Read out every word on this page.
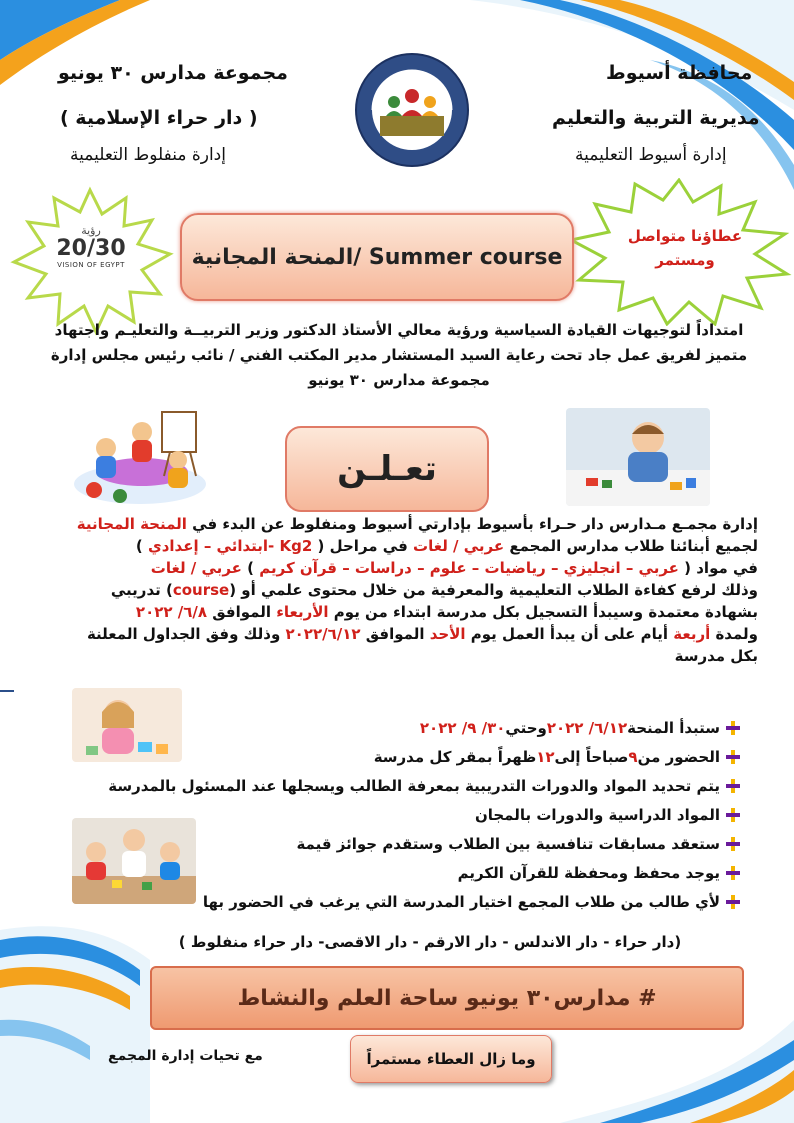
محافظة أسيوط
مديرية التربية والتعليم
إدارة أسيوط التعليمية
مجموعة مدارس ٣٠ يونيو
( دار حراء الإسلامية )
إدارة منفلوط التعليمية
رؤية
20/30
VISION OF EGYPT
عطاؤنا متواصل
ومستمر
المنحة المجانية/ Summer course
امتداداً لتوجيهات القيادة السياسية ورؤية معالي الأستاذ الدكتور وزير التربيــة والتعليـم واجتهاد متميز لفريق عمل جاد تحت رعاية السيد المستشار مدير المكتب الفني / نائب رئيس مجلس إدارة مجموعة مدارس ٣٠ يونيو
تعـلـن
إدارة مجمـع مـدارس دار حـراء بأسيوط بإدارتي أسيوط ومنفلوط عن البدء في المنحة المجانية
لجميع أبنائنا طلاب مدارس المجمع عربي / لغات في مراحل ( Kg2 -ابتدائي – إعدادي )
في مواد ( عربي – انجليزي – رياضيات – علوم – دراسات – قرآن كريم ) عربي / لغات
وذلك لرفع كفاءة الطلاب التعليمية والمعرفية من خلال محتوى علمي أو (course) تدريبي
بشهادة معتمدة وسيبدأ التسجيل بكل مدرسة ابتداء من يوم الأربعاء الموافق ٦/٨/ ٢٠٢٢
ولمدة أربعة أيام على أن يبدأ العمل يوم الأحد الموافق ٢٠٢٢/٦/١٢ وذلك وفق الجداول المعلنة
بكل مدرسة
ستبدأ المنحة
٦/١٢/ ٢٠٢٢
وحتي
٣٠/ ٩/ ٢٠٢٢
الحضور من
٩
صباحاً إلى
١٢
ظهراً بمقر كل مدرسة
يتم تحديد المواد والدورات التدريبية بمعرفة الطالب ويسجلها عند المسئول بالمدرسة
المواد الدراسية والدورات بالمجان
ستعقد مسابقات تنافسية بين الطلاب وستقدم جوائز قيمة
يوجد محفظ ومحفظة للقرآن الكريم
لأي طالب من طلاب المجمع اختيار المدرسة التي يرغب في الحضور بها
(دار حراء - دار الاندلس - دار الارقم - دار الاقصى- دار حراء منفلوط )
# مدارس٣٠ يونيو ساحة العلم والنشاط
وما زال العطاء مستمراً
مع تحيات إدارة المجمع
